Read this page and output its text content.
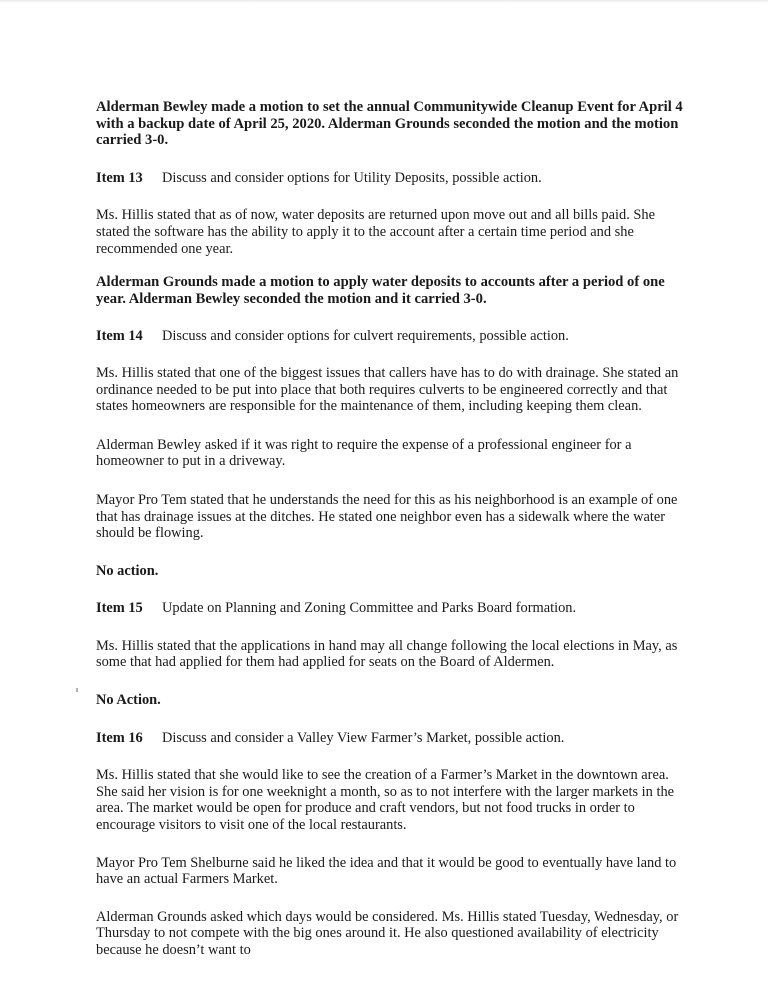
Alderman Bewley made a motion to set the annual Communitywide Cleanup Event for April 4 with a backup date of April 25, 2020. Alderman Grounds seconded the motion and the motion carried 3-0.

Item 13 Discuss and consider options for Utility Deposits, possible action.

Ms. Hillis stated that as of now, water deposits are returned upon move out and all bills paid. She stated the software has the ability to apply it to the account after a certain time period and she recommended one year.

Alderman Grounds made a motion to apply water deposits to accounts after a period of one year. Alderman Bewley seconded the motion and it carried 3-0.

Item 14 Discuss and consider options for culvert requirements, possible action.

Ms. Hillis stated that one of the biggest issues that callers have has to do with drainage. She stated an ordinance needed to be put into place that both requires culverts to be engineered correctly and that states homeowners are responsible for the maintenance of them, including keeping them clean.

Alderman Bewley asked if it was right to require the expense of a professional engineer for a homeowner to put in a driveway.

Mayor Pro Tem stated that he understands the need for this as his neighborhood is an example of one that has drainage issues at the ditches. He stated one neighbor even has a sidewalk where the water should be flowing.

No action.

Item 15 Update on Planning and Zoning Committee and Parks Board formation.

Ms. Hillis stated that the applications in hand may all change following the local elections in May, as some that had applied for them had applied for seats on the Board of Aldermen.

No Action.

Item 16 Discuss and consider a Valley View Farmer’s Market, possible action.

Ms. Hillis stated that she would like to see the creation of a Farmer’s Market in the downtown area. She said her vision is for one weeknight a month, so as to not interfere with the larger markets in the area. The market would be open for produce and craft vendors, but not food trucks in order to encourage visitors to visit one of the local restaurants.

Mayor Pro Tem Shelburne said he liked the idea and that it would be good to eventually have land to have an actual Farmers Market.

Alderman Grounds asked which days would be considered. Ms. Hillis stated Tuesday, Wednesday, or Thursday to not compete with the big ones around it. He also questioned availability of electricity because he doesn’t want to
